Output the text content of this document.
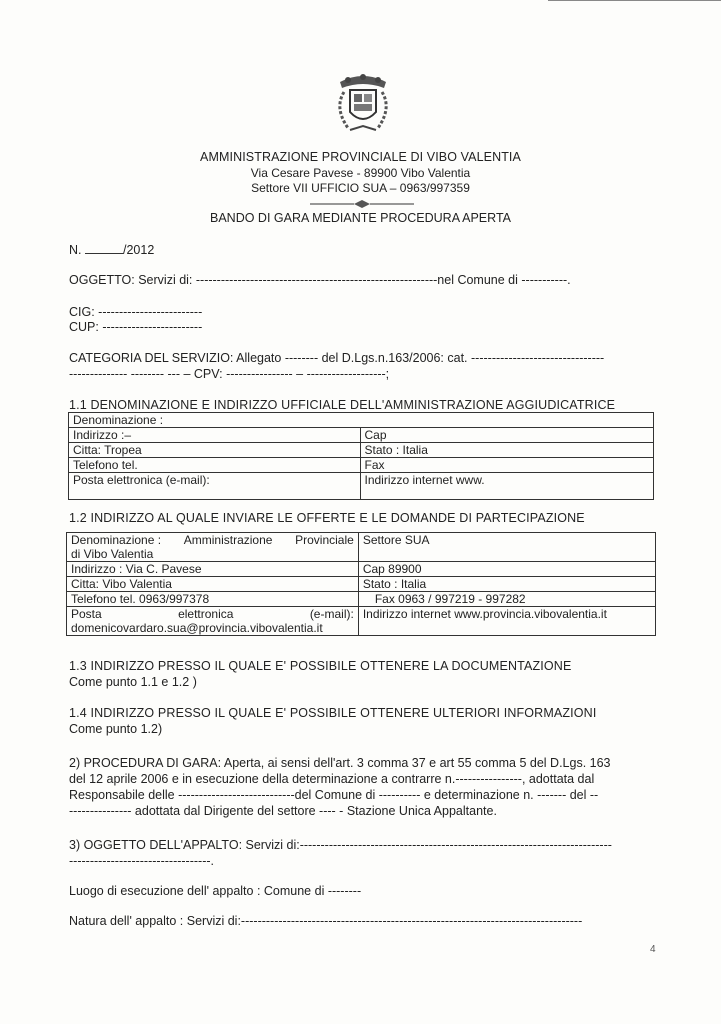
AMMINISTRAZIONE PROVINCIALE DI VIBO VALENTIA
Via Cesare Pavese - 89900 Vibo Valentia
Settore VII UFFICIO SUA – 0963/997359
BANDO DI GARA MEDIANTE PROCEDURA APERTA
N.	/2012
OGGETTO: Servizi di: ----------------------------------------------------------nel Comune di -----------.
CIG: -------------------------
CUP: ------------------------
CATEGORIA DEL SERVIZIO: Allegato -------- del D.Lgs.n.163/2006: cat. --------------------------------
-------------- -------- --- – CPV: ---------------- – -------------------;
1.1 DENOMINAZIONE E INDIRIZZO UFFICIALE DELL'AMMINISTRAZIONE AGGIUDICATRICE
Denominazione :	
Indirizzo :–	Cap
Citta: Tropea	Stato : Italia
Telefono tel.	Fax
Posta elettronica (e-mail):	Indirizzo internet www.
1.2 INDIRIZZO AL QUALE INVIARE LE OFFERTE E LE DOMANDE DI PARTECIPAZIONE
Denominazione : Amministrazione Provinciale
di Vibo Valentia	Settore SUA
Indirizzo : Via C. Pavese	Cap 89900
Citta: Vibo Valentia	Stato : Italia
Telefono tel. 0963/997378	Fax 0963 / 997219 - 997282

Posta elettronica (e-mail):
domenicovardaro.sua@provincia.vibovalentia.it	Indirizzo internet www.provincia.vibovalentia.it
1.3 INDIRIZZO PRESSO IL QUALE E' POSSIBILE OTTENERE LA DOCUMENTAZIONE
Come punto 1.1 e 1.2 )
1.4 INDIRIZZO PRESSO IL QUALE E' POSSIBILE OTTENERE ULTERIORI INFORMAZIONI
Come punto 1.2)
2) PROCEDURA DI GARA: Aperta, ai sensi dell'art. 3 comma 37 e art 55 comma 5 del D.Lgs. 163
del 12 aprile 2006 e in esecuzione della determinazione a contrarre n.----------------, adottata dal
Responsabile delle ----------------------------del Comune di ---------- e determinazione n. ------- del --
--------------- adottata dal Dirigente del settore ---- - Stazione Unica Appaltante.
3) OGGETTO DELL'APPALTO: Servizi di:---------------------------------------------------------------------------
----------------------------------.
Luogo di esecuzione dell' appalto : Comune di --------
Natura dell' appalto : Servizi di:----------------------------------------------------------------------------------
4
